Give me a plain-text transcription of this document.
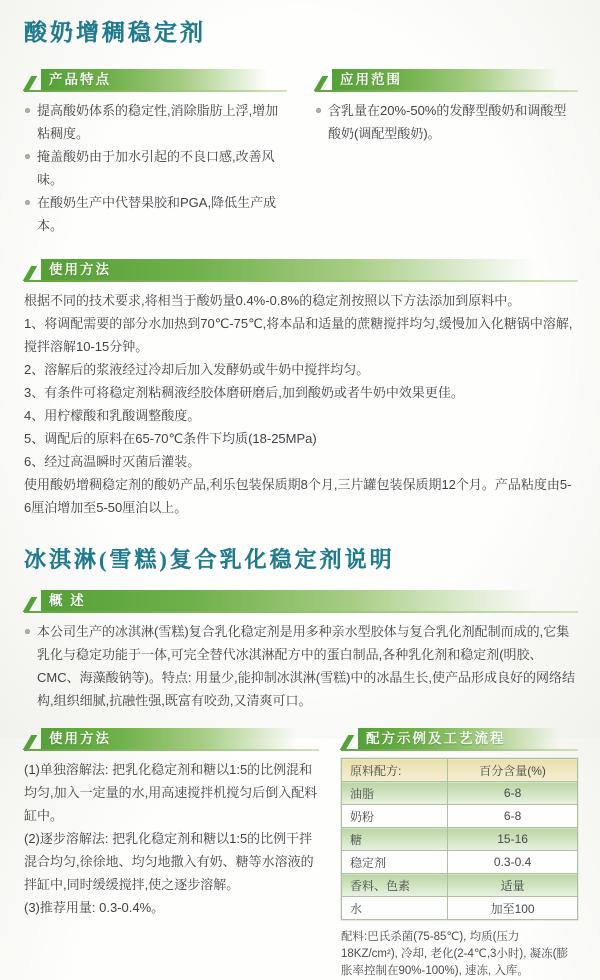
酸奶增稠稳定剂
产品特点
提高酸奶体系的稳定性,消除脂肪上浮,增加粘稠度。
掩盖酸奶由于加水引起的不良口感,改善风味。
在酸奶生产中代替果胶和PGA,降低生产成本。
应用范围
含乳量在20%-50%的发酵型酸奶和调酸型酸奶(调配型酸奶)。
使用方法
根据不同的技术要求,将相当于酸奶量0.4%-0.8%的稳定剂按照以下方法添加到原料中。
1、将调配需要的部分水加热到70℃-75℃,将本品和适量的蔗糖搅拌均匀,缓慢加入化糖锅中溶解,搅拌溶解10-15分钟。
2、溶解后的浆液经过冷却后加入发酵奶或牛奶中搅拌均匀。
3、有条件可将稳定剂粘稠液经胶体磨研磨后,加到酸奶或者牛奶中效果更佳。
4、用柠檬酸和乳酸调整酸度。
5、调配后的原料在65-70℃条件下均质(18-25MPa)
6、经过高温瞬时灭菌后灌装。
使用酸奶增稠稳定剂的酸奶产品,利乐包装保质期8个月,三片罐包装保质期12个月。产品粘度由5-6厘泊增加至5-50厘泊以上。
冰淇淋(雪糕)复合乳化稳定剂说明
概 述
本公司生产的冰淇淋(雪糕)复合乳化稳定剂是用多种亲水型胶体与复合乳化剂配制而成的,它集乳化与稳定功能于一体,可完全替代冰淇淋配方中的蛋白制品,各种乳化剂和稳定剂(明胶、CMC、海藻酸钠等)。特点: 用量少,能抑制冰淇淋(雪糕)中的冰晶生长,使产品形成良好的网络结构,组织细腻,抗融性强,既富有咬劲,又清爽可口。
使用方法
(1)单独溶解法: 把乳化稳定剂和糖以1:5的比例混和均匀,加入一定量的水,用高速搅拌机搅匀后倒入配料缸中。
(2)逐步溶解法: 把乳化稳定剂和糖以1:5的比例干拌混合均匀,徐徐地、均匀地撒入有奶、糖等水溶液的拌缸中,同时缓缓搅拌,使之逐步溶解。
(3)推荐用量: 0.3-0.4%。
配方示例及工艺流程
原料配方:	百分含量(%)
油脂	6-8
奶粉	6-8
糖	15-16
稳定剂	0.3-0.4
香料、色素	适量
水	加至100
配料:巴氏杀菌(75-85℃), 均质(压力 18KZ/cm²), 冷却, 老化(2-4℃,3小时), 凝冻(膨胀率控制在90%-100%), 速冻, 入库。
